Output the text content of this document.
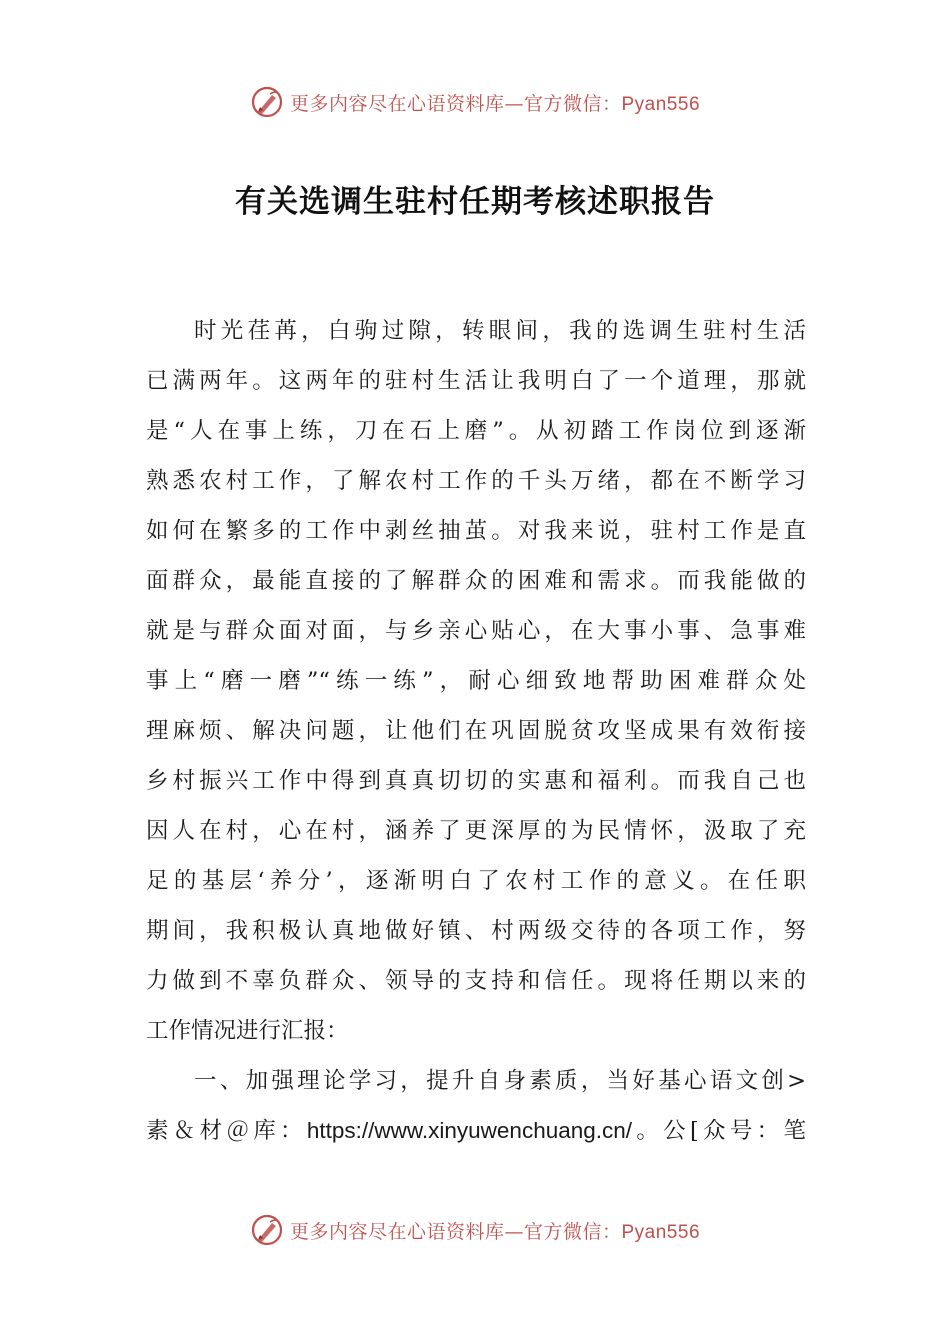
更多内容尽在心语资料库—官方微信：Pyan556
有关选调生驻村任期考核述职报告
时光荏苒，白驹过隙，转眼间，我的选调生驻村生活
已满两年。这两年的驻村生活让我明白了一个道理，那就
是“人在事上练，刀在石上磨”。从初踏工作岗位到逐渐
熟悉农村工作，了解农村工作的千头万绪，都在不断学习
如何在繁多的工作中剥丝抽茧。对我来说，驻村工作是直
面群众，最能直接的了解群众的困难和需求。而我能做的
就是与群众面对面，与乡亲心贴心，在大事小事、急事难
事上“磨一磨”“练一练”，耐心细致地帮助困难群众处
理麻烦、解决问题，让他们在巩固脱贫攻坚成果有效衔接
乡村振兴工作中得到真真切切的实惠和福利。而我自己也
因人在村，心在村，涵养了更深厚的为民情怀，汲取了充
足的基层‘养分’，逐渐明白了农村工作的意义。在任职
期间，我积极认真地做好镇、村两级交待的各项工作，努
力做到不辜负群众、领导的支持和信任。现将任期以来的
工作情况进行汇报：
一、加强理论学习，提升自身素质，当好基心语文创>
素＆材＠库：https://www.xinyuwenchuang.cn/。公[众号：笔
更多内容尽在心语资料库—官方微信：Pyan556
